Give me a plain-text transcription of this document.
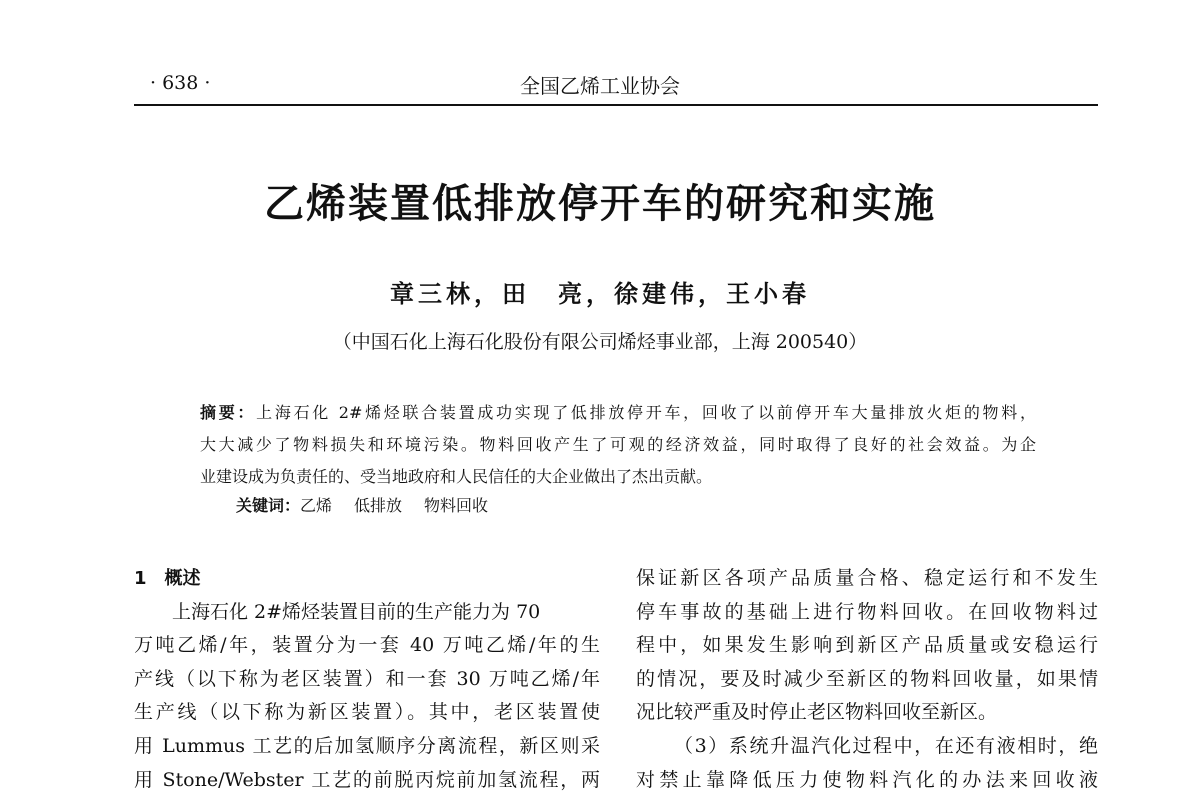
· 638 ·	全国乙烯工业协会
乙烯装置低排放停开车的研究和实施
章三林，田　亮，徐建伟，王小春
（中国石化上海石化股份有限公司烯烃事业部，上海 200540）
摘要：上海石化 2#烯烃联合装置成功实现了低排放停开车，回收了以前停开车大量排放火炬的物料，
大大减少了物料损失和环境污染。物料回收产生了可观的经济效益，同时取得了良好的社会效益。为企
业建设成为负责任的、受当地政府和人民信任的大企业做出了杰出贡献。
关键词：乙烯 低排放 物料回收
1 概述
上海石化 2#烯烃装置目前的生产能力为 70
万吨乙烯/年，装置分为一套 40 万吨乙烯/年的生
产线（以下称为老区装置）和一套 30 万吨乙烯/年
生产线（以下称为新区装置）。其中，老区装置使
用 Lummus 工艺的后加氢顺序分离流程，新区则采
用 Stone/Webster 工艺的前脱丙烷前加氢流程，两
保证新区各项产品质量合格、稳定运行和不发生
停车事故的基础上进行物料回收。在回收物料过
程中，如果发生影响到新区产品质量或安稳运行
的情况，要及时减少至新区的物料回收量，如果情
况比较严重及时停止老区物料回收至新区。
（3）系统升温汽化过程中，在还有液相时，绝
对禁止靠降低压力使物料汽化的办法来回收液
